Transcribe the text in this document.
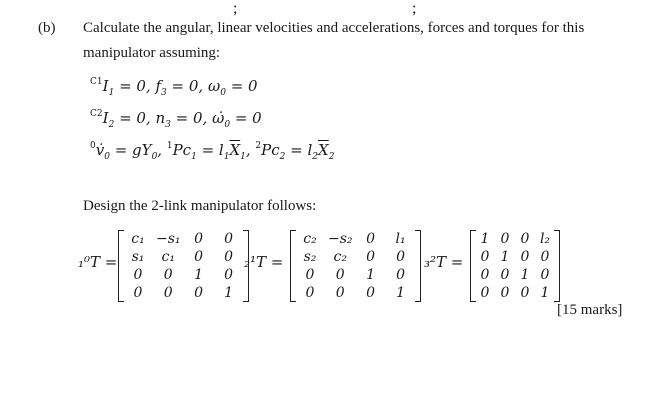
(b) Calculate the angular, linear velocities and accelerations, forces and torques for this
manipulator assuming:
$^{C1}I_1 = 0$, $f_3 = 0$, $\omega_0 = 0$
$^{C2}I_2 = 0$, $n_3 = 0$, $\omegȧ_0 = 0$
$^0v̇_0 = gY_0$, $^1Pc_1 = l_1\overline{X}_1$, $^2Pc_2 = l_2\overline{X}_2$
Design the 2-link manipulator follows:
₁⁰T =
c₁	−s₁	0	0
s₁	c₁	0	0
0	0	1	0
0	0	0	1
;
₂¹T =
c₂	−s₂	0	l₁
s₂	c₂	0	0
0	0	1	0
0	0	0	1
;
₃²T =
1	0	0	l₂
0	1	0	0
0	0	1	0
0	0	0	1
[15 marks]
